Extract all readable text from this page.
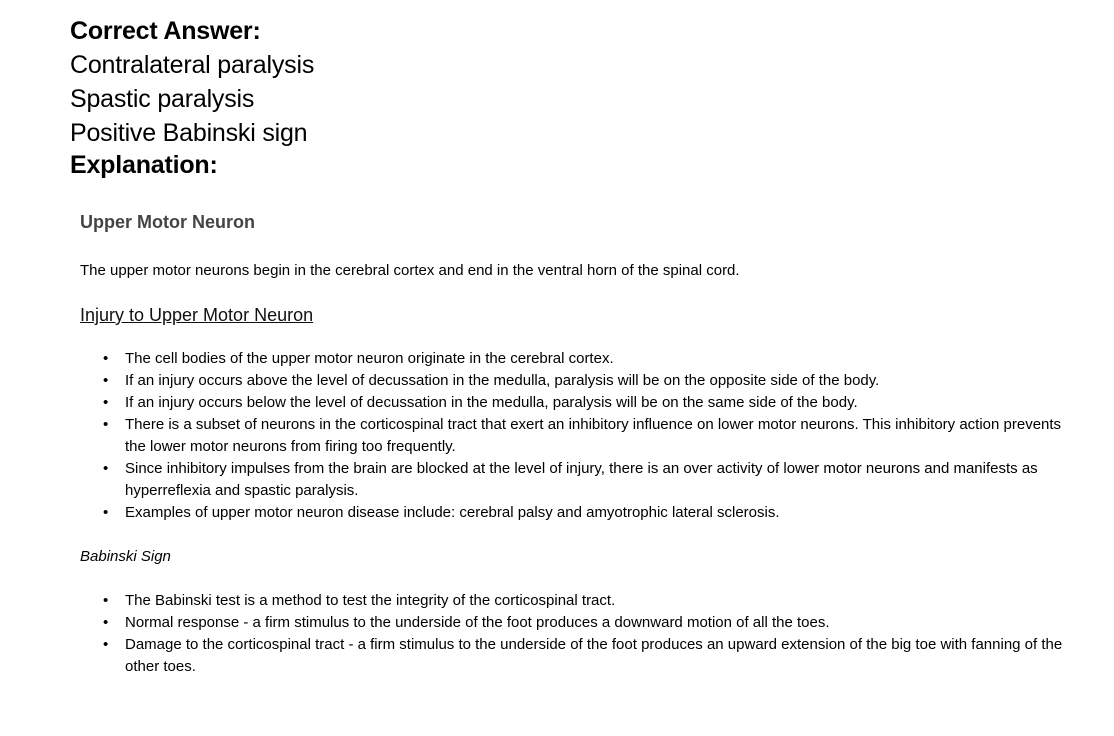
Correct Answer:

Contralateral paralysis

Spastic paralysis

Positive Babinski sign

Explanation:

Upper Motor Neuron

The upper motor neurons begin in the cerebral cortex and end in the ventral horn of the spinal cord.

Injury to Upper Motor Neuron

• The cell bodies of the upper motor neuron originate in the cerebral cortex.
• If an injury occurs above the level of decussation in the medulla, paralysis will be on the opposite side of the body.
• If an injury occurs below the level of decussation in the medulla, paralysis will be on the same side of the body.
• There is a subset of neurons in the corticospinal tract that exert an inhibitory influence on lower motor neurons. This inhibitory action prevents the lower motor neurons from firing too frequently.
• Since inhibitory impulses from the brain are blocked at the level of injury, there is an over activity of lower motor neurons and manifests as hyperreflexia and spastic paralysis.
• Examples of upper motor neuron disease include: cerebral palsy and amyotrophic lateral sclerosis.

Babinski Sign

• The Babinski test is a method to test the integrity of the corticospinal tract.
• Normal response - a firm stimulus to the underside of the foot produces a downward motion of all the toes.
• Damage to the corticospinal tract - a firm stimulus to the underside of the foot produces an upward extension of the big toe with fanning of the other toes.
